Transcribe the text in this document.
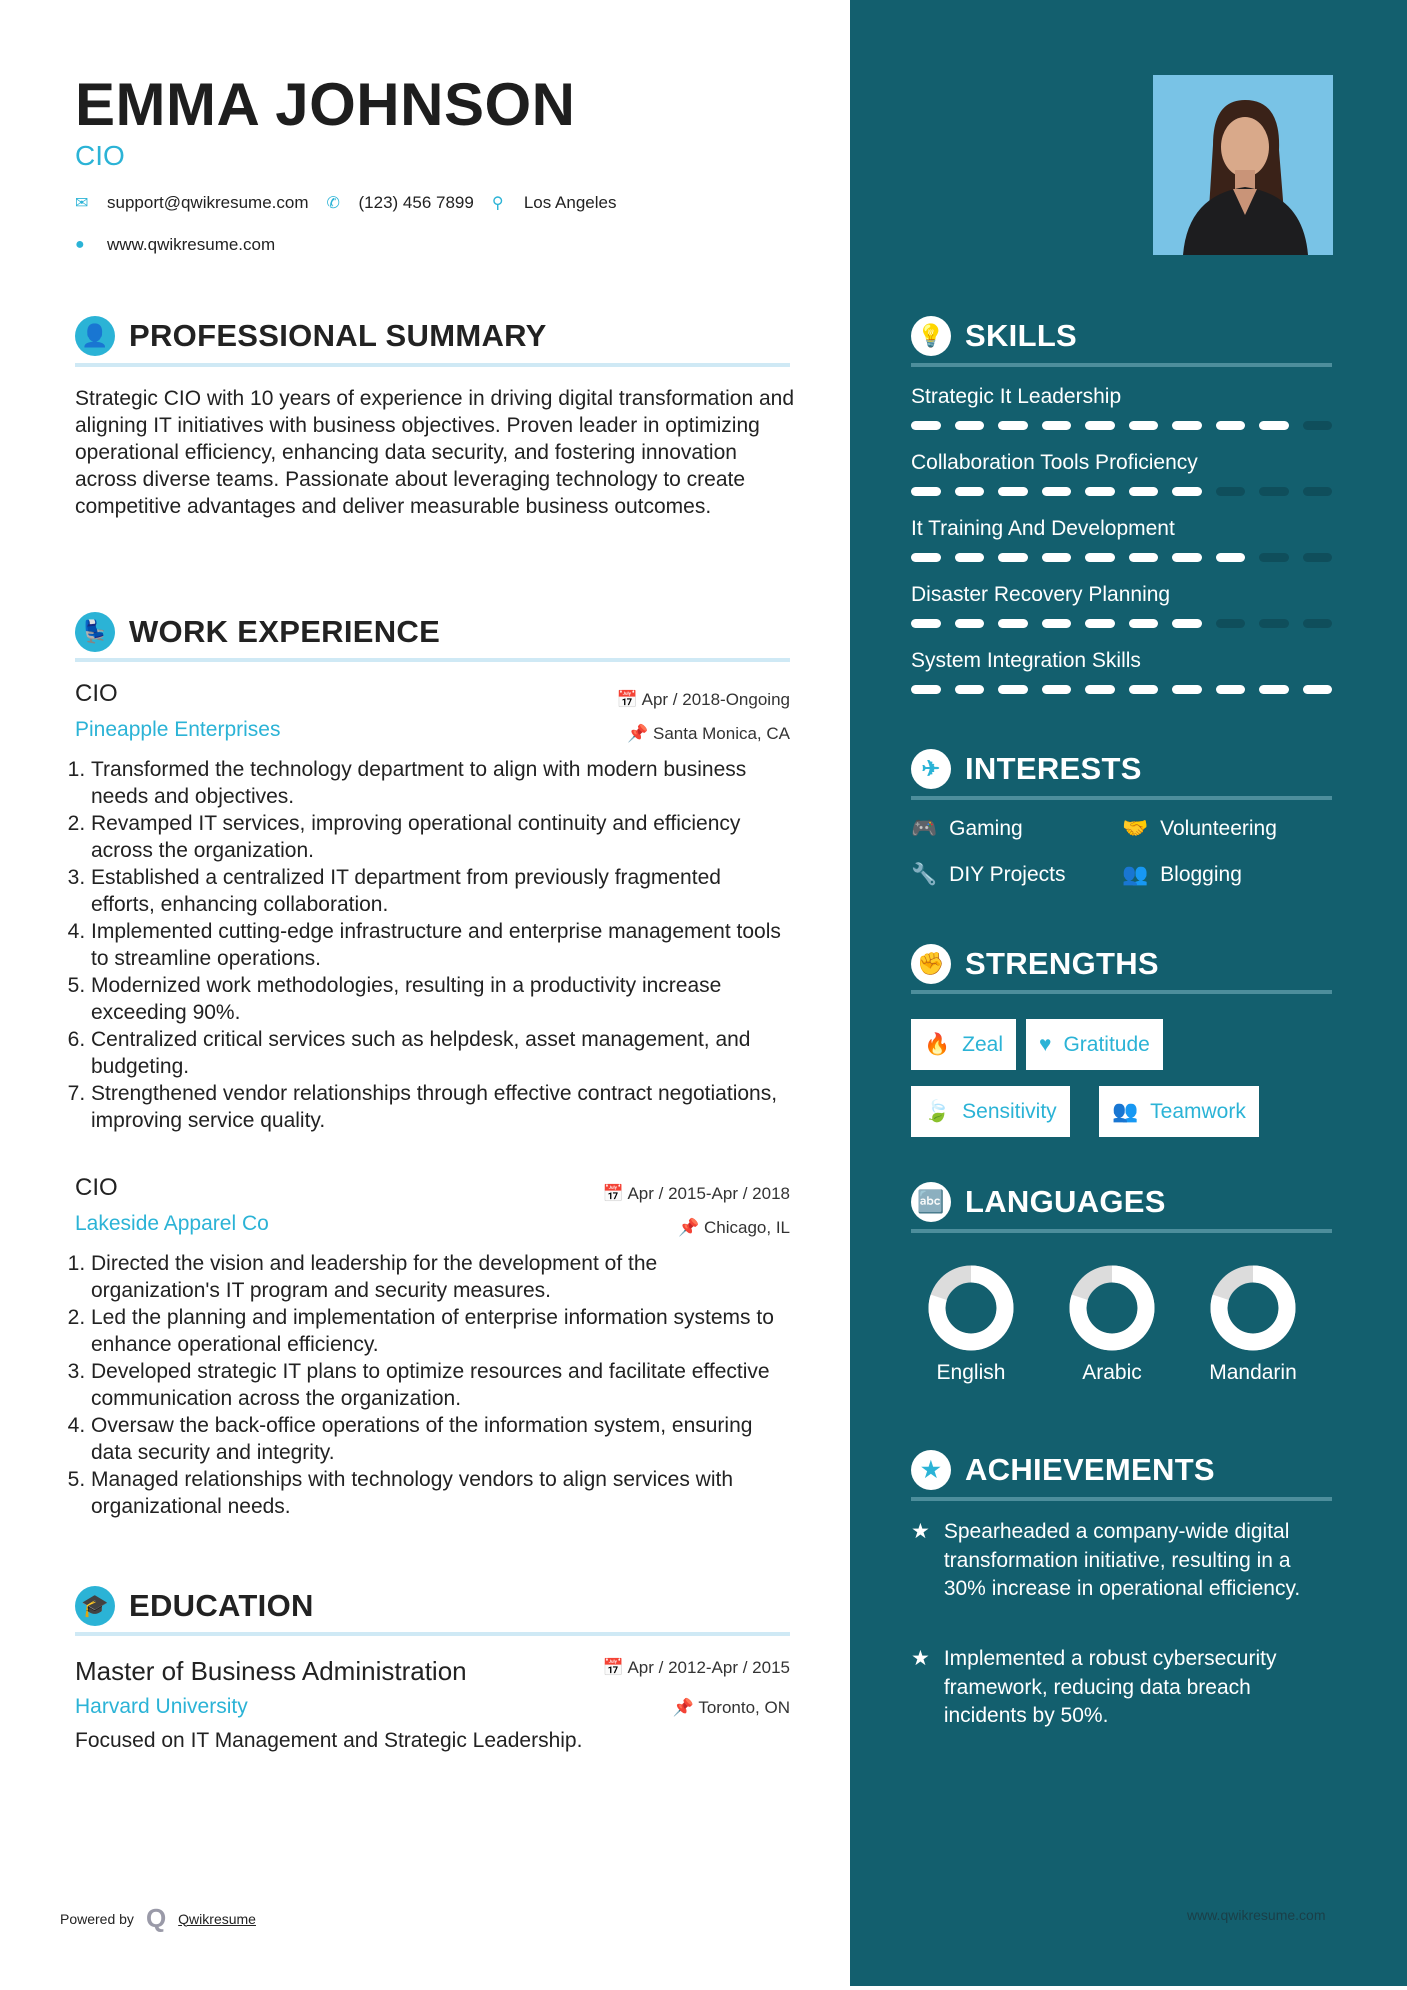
EMMA JOHNSON
CIO
✉	support@qwikresume.com ✆	(123) 456 7899 ⚲	Los Angeles
●	www.qwikresume.com
👤 PROFESSIONAL SUMMARY
Strategic CIO with 10 years of experience in driving digital transformation and aligning IT initiatives with business objectives. Proven leader in optimizing operational efficiency, enhancing data security, and fostering innovation across diverse teams. Passionate about leveraging technology to create competitive advantages and deliver measurable business outcomes.
💺 WORK EXPERIENCE
CIO
Pineapple Enterprises
📅 Apr / 2018-Ongoing
📌 Santa Monica, CA
1. Transformed the technology department to align with modern business needs and objectives.
2. Revamped IT services, improving operational continuity and efficiency across the organization.
3. Established a centralized IT department from previously fragmented efforts, enhancing collaboration.
4. Implemented cutting-edge infrastructure and enterprise management tools to streamline operations.
5. Modernized work methodologies, resulting in a productivity increase exceeding 90%.
6. Centralized critical services such as helpdesk, asset management, and budgeting.
7. Strengthened vendor relationships through effective contract negotiations, improving service quality.
CIO
Lakeside Apparel Co
📅 Apr / 2015-Apr / 2018
📌 Chicago, IL
1. Directed the vision and leadership for the development of the organization's IT program and security measures.
2. Led the planning and implementation of enterprise information systems to enhance operational efficiency.
3. Developed strategic IT plans to optimize resources and facilitate effective communication across the organization.
4. Oversaw the back-office operations of the information system, ensuring data security and integrity.
5. Managed relationships with technology vendors to align services with organizational needs.
🎓 EDUCATION
Master of Business Administration
Harvard University
Focused on IT Management and Strategic Leadership.
📅 Apr / 2012-Apr / 2015
📌 Toronto, ON
Powered by Q Qwikresume	www.qwikresume.com
💡 SKILLS
Strategic It Leadership
Collaboration Tools Proficiency
It Training And Development
Disaster Recovery Planning
System Integration Skills
✈ INTERESTS
🎮 Gaming	🤝 Volunteering
🔧 DIY Projects	👥 Blogging
✊ STRENGTHS
🔥 Zeal ♥ Gratitude
🍃 Sensitivity	👥 Teamwork
🔤 LANGUAGES
English	Arabic	Mandarin
★ ACHIEVEMENTS
★ Spearheaded a company-wide digital transformation initiative, resulting in a 30% increase in operational efficiency.
★ Implemented a robust cybersecurity framework, reducing data breach incidents by 50%.
